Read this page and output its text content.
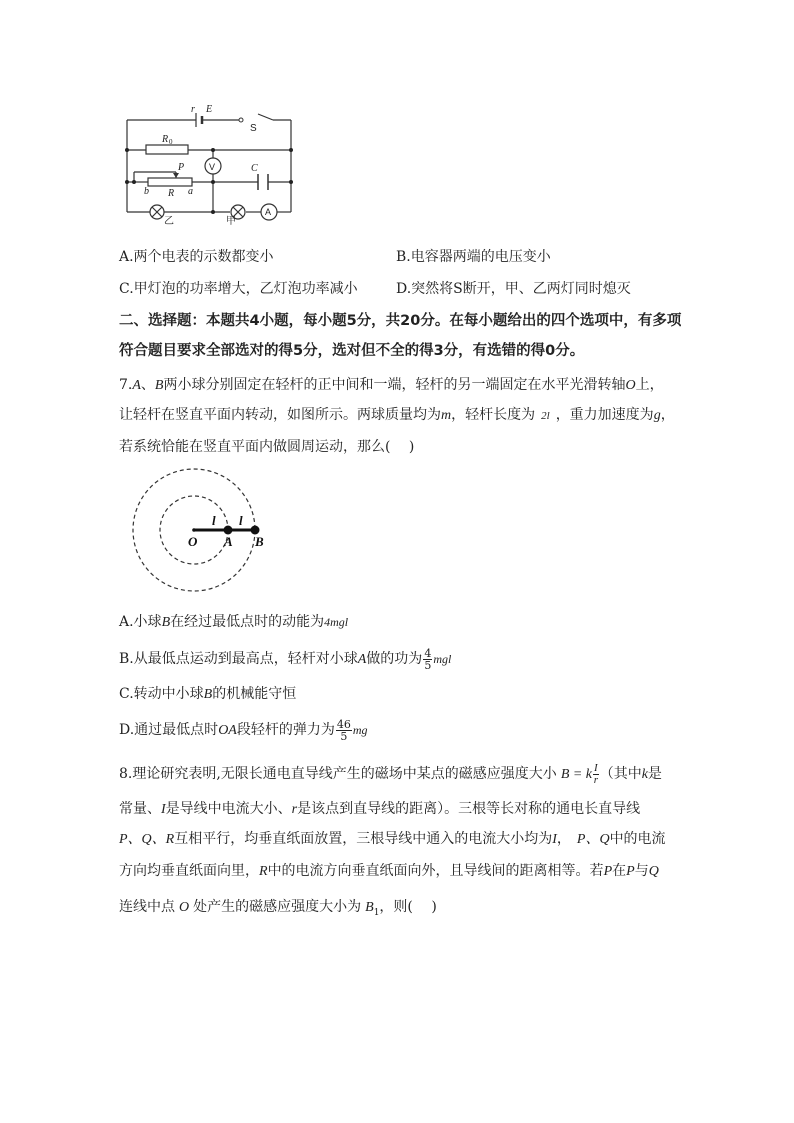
r E
R 0
P	C
b R a
S
V
A
乙	甲
A.两个电表的示数都变小	B.电容器两端的电压变小
C.甲灯泡的功率增大，乙灯泡功率减小	D.突然将S断开，甲、乙两灯同时熄灭
二、选择题：本题共4小题，每小题5分，共20分。在每小题给出的四个选项中，有多项
符合题目要求全部选对的得5分，选对但不全的得3分，有选错的得0分。
7.A、B两小球分别固定在轻杆的正中间和一端，轻杆的另一端固定在水平光滑转轴O上，
让轻杆在竖直平面内转动，如图所示。两球质量均为m，轻杆长度为 2l ，重力加速度为g，
若系统恰能在竖直平面内做圆周运动，那么(　 )
O A B
l l
A.小球B在经过最低点时的动能为4mgl
B.从最低点运动到最高点，轻杆对小球A做的功为 $\frac{4}{5}$ mgl
C.转动中小球B的机械能守恒
D.通过最低点时OA段轻杆的弹力为 $\frac{46}{5}$ mg
8.理论研究表明,无限长通电直导线产生的磁场中某点的磁感应强度大小 B = k $\frac{I}{r}$ （其中k是
常量、I是导线中电流大小、r是该点到直导线的距离）。三根等长对称的通电长直导线
P、Q、R互相平行，均垂直纸面放置，三根导线中通入的电流大小均为I， P、Q中的电流
方向均垂直纸面向里，R中的电流方向垂直纸面向外，且导线间的距离相等。若P在P与Q
连线中点 O 处产生的磁感应强度大小为 $B_1$，则(　 )
